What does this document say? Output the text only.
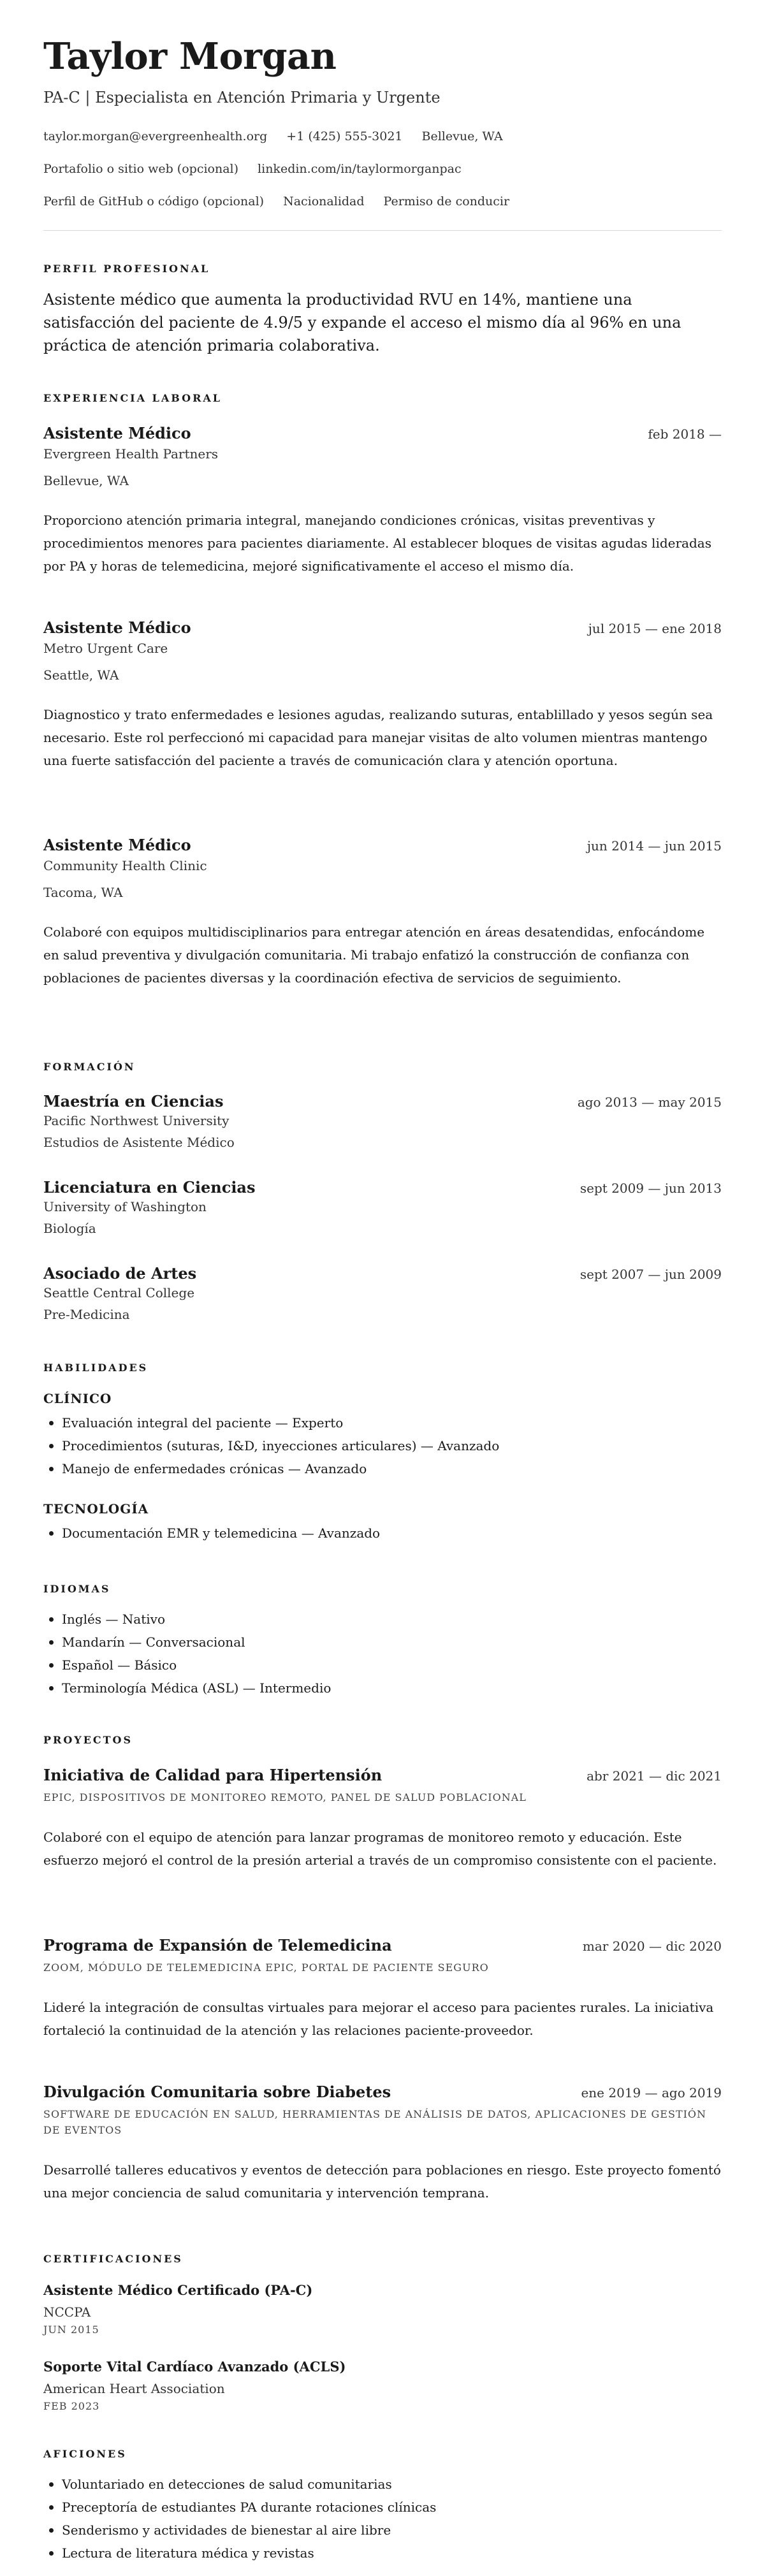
Taylor Morgan
PA-C | Especialista en Atención Primaria y Urgente
taylor.morgan@evergreenhealth.org +1 (425) 555-3021 Bellevue, WA
Portafolio o sitio web (opcional) linkedin.com/in/taylormorganpac
Perfil de GitHub o código (opcional) Nacionalidad Permiso de conducir
PERFIL PROFESIONAL
Asistente médico que aumenta la productividad RVU en 14%, mantiene una satisfacción del paciente de 4.9/5 y expande el acceso el mismo día al 96% en una práctica de atención primaria colaborativa.
EXPERIENCIA LABORAL
Asistente Médico	feb 2018 —
Evergreen Health Partners
Bellevue, WA
Proporciono atención primaria integral, manejando condiciones crónicas, visitas preventivas y procedimientos menores para pacientes diariamente. Al establecer bloques de visitas agudas lideradas por PA y horas de telemedicina, mejoré significativamente el acceso el mismo día.
Asistente Médico	jul 2015 — ene 2018
Metro Urgent Care
Seattle, WA
Diagnostico y trato enfermedades e lesiones agudas, realizando suturas, entablillado y yesos según sea necesario. Este rol perfeccionó mi capacidad para manejar visitas de alto volumen mientras mantengo una fuerte satisfacción del paciente a través de comunicación clara y atención oportuna.
Asistente Médico	jun 2014 — jun 2015
Community Health Clinic
Tacoma, WA
Colaboré con equipos multidisciplinarios para entregar atención en áreas desatendidas, enfocándome en salud preventiva y divulgación comunitaria. Mi trabajo enfatizó la construcción de confianza con poblaciones de pacientes diversas y la coordinación efectiva de servicios de seguimiento.
FORMACIÓN
Maestría en Ciencias	ago 2013 — may 2015
Pacific Northwest University
Estudios de Asistente Médico
Licenciatura en Ciencias	sept 2009 — jun 2013
University of Washington
Biología
Asociado de Artes	sept 2007 — jun 2009
Seattle Central College
Pre-Medicina
HABILIDADES
CLÍNICO
Evaluación integral del paciente — Experto
Procedimientos (suturas, I&D, inyecciones articulares) — Avanzado
Manejo de enfermedades crónicas — Avanzado
TECNOLOGÍA
Documentación EMR y telemedicina — Avanzado
IDIOMAS
Inglés — Nativo
Mandarín — Conversacional
Español — Básico
Terminología Médica (ASL) — Intermedio
PROYECTOS
Iniciativa de Calidad para Hipertensión	abr 2021 — dic 2021
EPIC, DISPOSITIVOS DE MONITOREO REMOTO, PANEL DE SALUD POBLACIONAL
Colaboré con el equipo de atención para lanzar programas de monitoreo remoto y educación. Este esfuerzo mejoró el control de la presión arterial a través de un compromiso consistente con el paciente.
Programa de Expansión de Telemedicina	mar 2020 — dic 2020
ZOOM, MÓDULO DE TELEMEDICINA EPIC, PORTAL DE PACIENTE SEGURO
Lideré la integración de consultas virtuales para mejorar el acceso para pacientes rurales. La iniciativa fortaleció la continuidad de la atención y las relaciones paciente-proveedor.
Divulgación Comunitaria sobre Diabetes	ene 2019 — ago 2019
SOFTWARE DE EDUCACIÓN EN SALUD, HERRAMIENTAS DE ANÁLISIS DE DATOS, APLICACIONES DE GESTIÓN DE EVENTOS
Desarrollé talleres educativos y eventos de detección para poblaciones en riesgo. Este proyecto fomentó una mejor conciencia de salud comunitaria y intervención temprana.
CERTIFICACIONES
Asistente Médico Certificado (PA-C)
NCCPA
JUN 2015
Soporte Vital Cardíaco Avanzado (ACLS)
American Heart Association
FEB 2023
AFICIONES
Voluntariado en detecciones de salud comunitarias
Preceptoría de estudiantes PA durante rotaciones clínicas
Senderismo y actividades de bienestar al aire libre
Lectura de literatura médica y revistas
